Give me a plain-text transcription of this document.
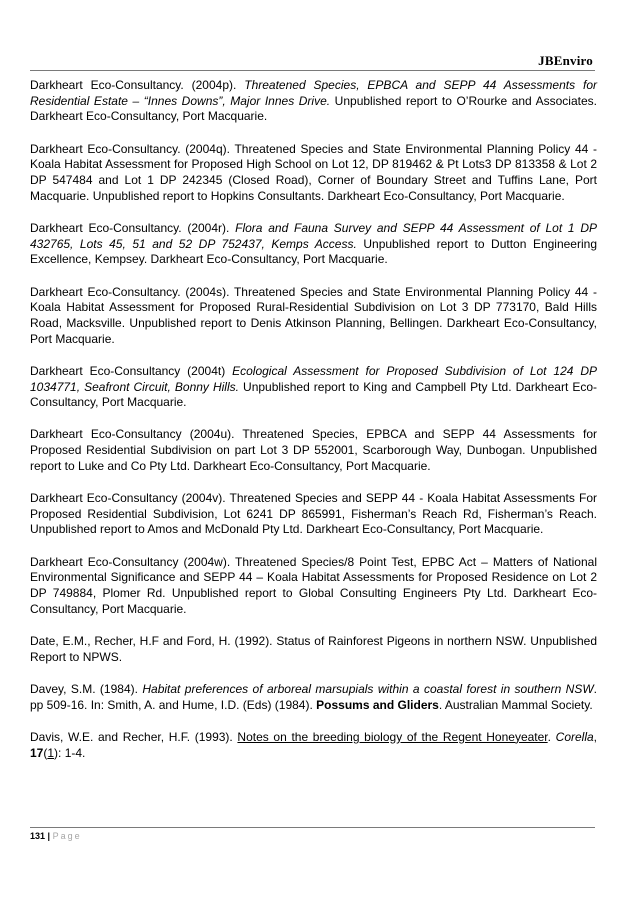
JBEnviro

Darkheart Eco-Consultancy. (2004p). Threatened Species, EPBCA and SEPP 44 Assessments for Residential Estate – “Innes Downs”, Major Innes Drive. Unpublished report to O’Rourke and Associates. Darkheart Eco-Consultancy, Port Macquarie.

Darkheart Eco-Consultancy. (2004q). Threatened Species and State Environmental Planning Policy 44 - Koala Habitat Assessment for Proposed High School on Lot 12, DP 819462 & Pt Lots3 DP 813358 & Lot 2 DP 547484 and Lot 1 DP 242345 (Closed Road), Corner of Boundary Street and Tuffins Lane, Port Macquarie. Unpublished report to Hopkins Consultants. Darkheart Eco-Consultancy, Port Macquarie.

Darkheart Eco-Consultancy. (2004r). Flora and Fauna Survey and SEPP 44 Assessment of Lot 1 DP 432765, Lots 45, 51 and 52 DP 752437, Kemps Access. Unpublished report to Dutton Engineering Excellence, Kempsey. Darkheart Eco-Consultancy, Port Macquarie.

Darkheart Eco-Consultancy. (2004s). Threatened Species and State Environmental Planning Policy 44 - Koala Habitat Assessment for Proposed Rural-Residential Subdivision on Lot 3 DP 773170, Bald Hills Road, Macksville. Unpublished report to Denis Atkinson Planning, Bellingen. Darkheart Eco-Consultancy, Port Macquarie.

Darkheart Eco-Consultancy (2004t) Ecological Assessment for Proposed Subdivision of Lot 124 DP 1034771, Seafront Circuit, Bonny Hills. Unpublished report to King and Campbell Pty Ltd. Darkheart Eco-Consultancy, Port Macquarie.

Darkheart Eco-Consultancy (2004u). Threatened Species, EPBCA and SEPP 44 Assessments for Proposed Residential Subdivision on part Lot 3 DP 552001, Scarborough Way, Dunbogan. Unpublished report to Luke and Co Pty Ltd. Darkheart Eco-Consultancy, Port Macquarie.

Darkheart Eco-Consultancy (2004v). Threatened Species and SEPP 44 - Koala Habitat Assessments For Proposed Residential Subdivision, Lot 6241 DP 865991, Fisherman’s Reach Rd, Fisherman’s Reach. Unpublished report to Amos and McDonald Pty Ltd. Darkheart Eco-Consultancy, Port Macquarie.

Darkheart Eco-Consultancy (2004w). Threatened Species/8 Point Test, EPBC Act – Matters of National Environmental Significance and SEPP 44 – Koala Habitat Assessments for Proposed Residence on Lot 2 DP 749884, Plomer Rd. Unpublished report to Global Consulting Engineers Pty Ltd. Darkheart Eco-Consultancy, Port Macquarie.

Date, E.M., Recher, H.F and Ford, H. (1992). Status of Rainforest Pigeons in northern NSW. Unpublished Report to NPWS.

Davey, S.M. (1984). Habitat preferences of arboreal marsupials within a coastal forest in southern NSW. pp 509-16. In: Smith, A. and Hume, I.D. (Eds) (1984). Possums and Gliders. Australian Mammal Society.

Davis, W.E. and Recher, H.F. (1993). Notes on the breeding biology of the Regent Honeyeater. Corella, 17(1): 1-4.

131 | Page
